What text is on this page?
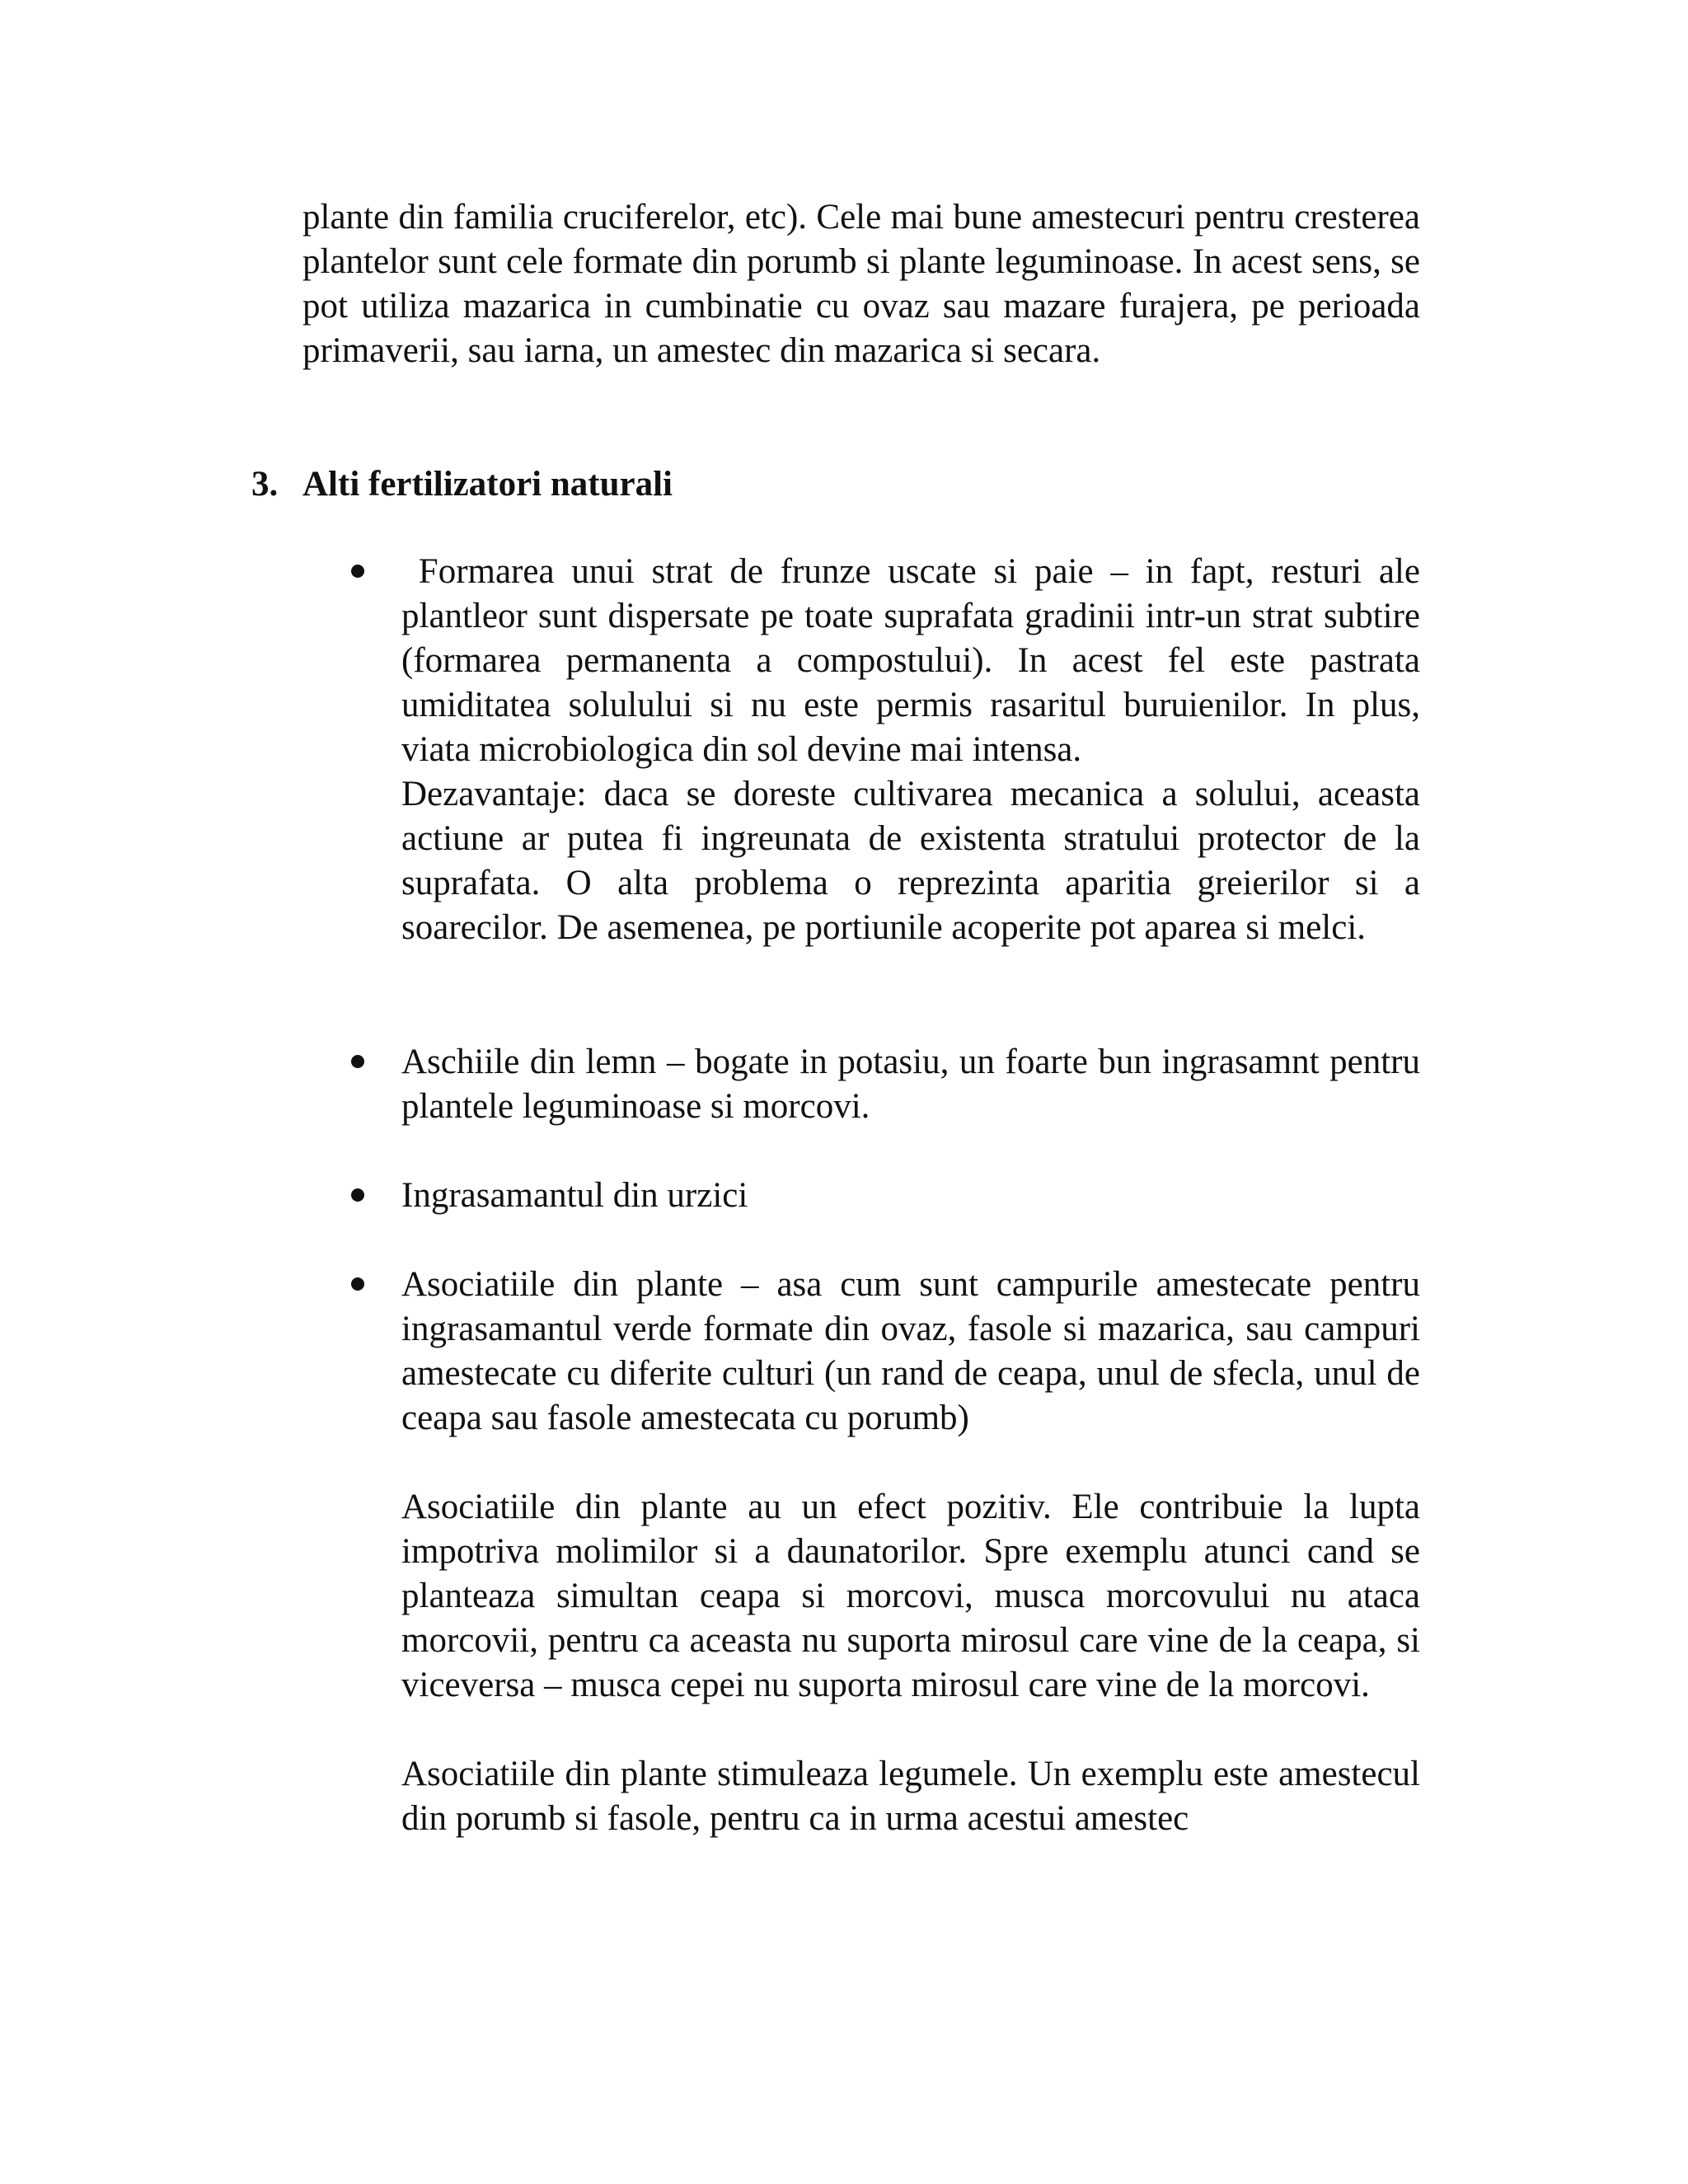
plante din familia cruciferelor, etc). Cele mai bune amestecuri pentru cresterea plantelor sunt cele formate din porumb si plante leguminoase. In acest sens, se pot utiliza mazarica in cumbinatie cu ovaz sau mazare furajera, pe perioada primaverii, sau iarna, un amestec din mazarica si secara.

3. Alti fertilizatori naturali

Formarea unui strat de frunze uscate si paie – in fapt, resturi ale plantleor sunt dispersate pe toate suprafata gradinii intr-un strat subtire (formarea permanenta a compostului). In acest fel este pastrata umiditatea solulului si nu este permis rasaritul buruienilor. In plus, viata microbiologica din sol devine mai intensa.

Dezavantaje: daca se doreste cultivarea mecanica a solului, aceasta actiune ar putea fi ingreunata de existenta stratului protector de la suprafata. O alta problema o reprezinta aparitia greierilor si a soarecilor. De asemenea, pe portiunile acoperite pot aparea si melci.

Aschiile din lemn – bogate in potasiu, un foarte bun ingrasamnt pentru plantele leguminoase si morcovi.

Ingrasamantul din urzici

Asociatiile din plante – asa cum sunt campurile amestecate pentru ingrasamantul verde formate din ovaz, fasole si mazarica, sau campuri amestecate cu diferite culturi (un rand de ceapa, unul de sfecla, unul de ceapa sau fasole amestecata cu porumb)

Asociatiile din plante au un efect pozitiv. Ele contribuie la lupta impotriva molimilor si a daunatorilor. Spre exemplu atunci cand se planteaza simultan ceapa si morcovi, musca morcovului nu ataca morcovii, pentru ca aceasta nu suporta mirosul care vine de la ceapa, si viceversa – musca cepei nu suporta mirosul care vine de la morcovi.

Asociatiile din plante stimuleaza legumele. Un exemplu este amestecul din porumb si fasole, pentru ca in urma acestui amestec
